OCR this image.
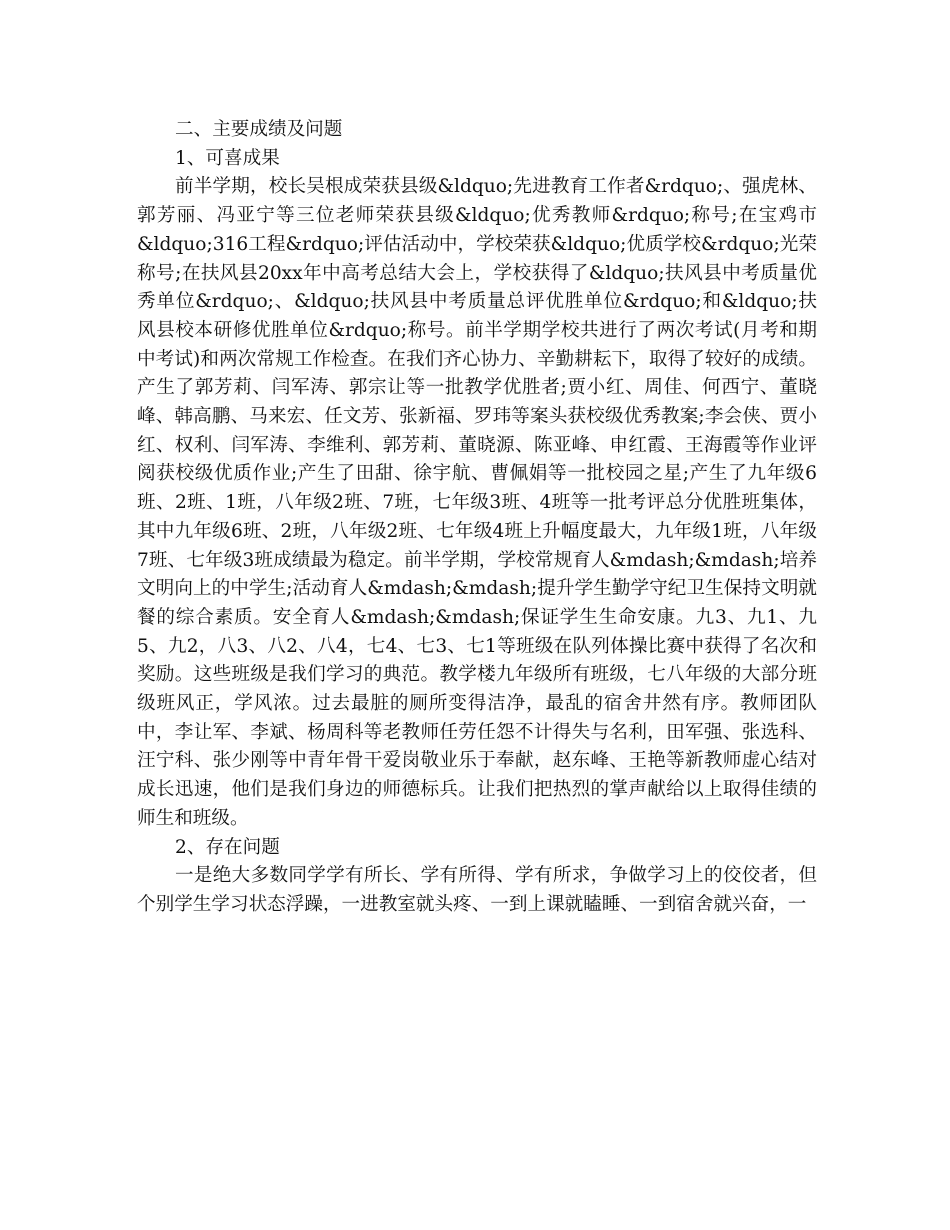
二、主要成绩及问题

1、可喜成果

前半学期，校长吴根成荣获县级&ldquo;先进教育工作者&rdquo;、强虎林、郭芳丽、冯亚宁等三位老师荣获县级&ldquo;优秀教师&rdquo;称号;在宝鸡市&ldquo;316工程&rdquo;评估活动中，学校荣获&ldquo;优质学校&rdquo;光荣称号;在扶风县20xx年中高考总结大会上，学校获得了&ldquo;扶风县中考质量优秀单位&rdquo;、&ldquo;扶风县中考质量总评优胜单位&rdquo;和&ldquo;扶风县校本研修优胜单位&rdquo;称号。前半学期学校共进行了两次考试(月考和期中考试)和两次常规工作检查。在我们齐心协力、辛勤耕耘下，取得了较好的成绩。产生了郭芳莉、闫军涛、郭宗让等一批教学优胜者;贾小红、周佳、何西宁、董晓峰、韩高鹏、马来宏、任文芳、张新福、罗玮等案头获校级优秀教案;李会侠、贾小红、权利、闫军涛、李维利、郭芳莉、董晓源、陈亚峰、申红霞、王海霞等作业评阅获校级优质作业;产生了田甜、徐宇航、曹佩娟等一批校园之星;产生了九年级6班、2班、1班，八年级2班、7班，七年级3班、4班等一批考评总分优胜班集体，其中九年级6班、2班，八年级2班、七年级4班上升幅度最大，九年级1班，八年级7班、七年级3班成绩最为稳定。前半学期，学校常规育人&mdash;&mdash;培养文明向上的中学生;活动育人&mdash;&mdash;提升学生勤学守纪卫生保持文明就餐的综合素质。安全育人&mdash;&mdash;保证学生生命安康。九3、九1、九5、九2，八3、八2、八4，七4、七3、七1等班级在队列体操比赛中获得了名次和奖励。这些班级是我们学习的典范。教学楼九年级所有班级，七八年级的大部分班级班风正，学风浓。过去最脏的厕所变得洁净，最乱的宿舍井然有序。教师团队中，李让军、李斌、杨周科等老教师任劳任怨不计得失与名利，田军强、张选科、汪宁科、张少刚等中青年骨干爱岗敬业乐于奉献，赵东峰、王艳等新教师虚心结对成长迅速，他们是我们身边的师德标兵。让我们把热烈的掌声献给以上取得佳绩的师生和班级。

2、存在问题

一是绝大多数同学学有所长、学有所得、学有所求，争做学习上的佼佼者，但个别学生学习状态浮躁，一进教室就头疼、一到上课就瞌睡、一到宿舍就兴奋，一
